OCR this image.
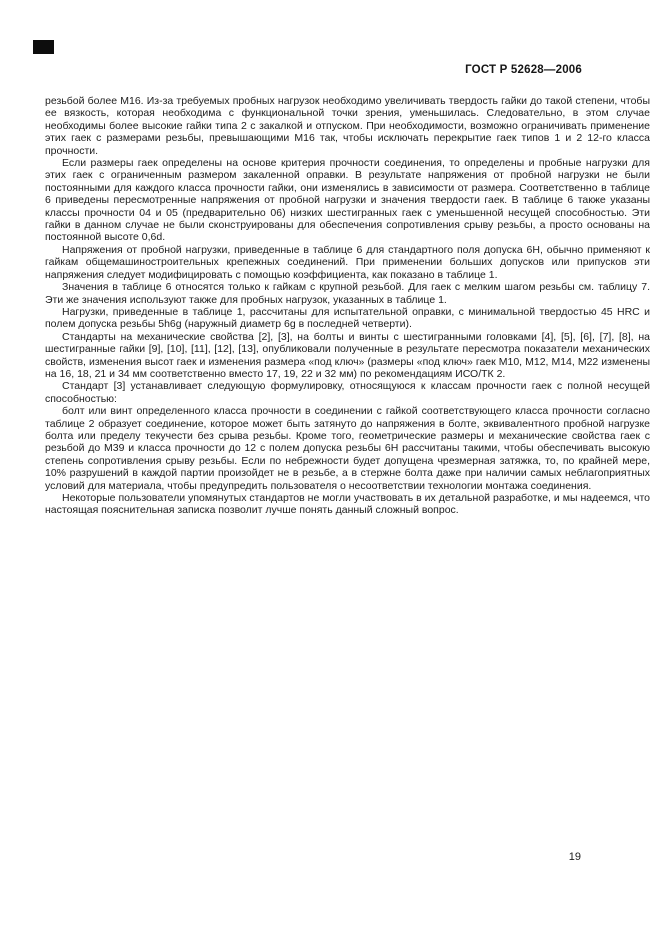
ГОСТ Р 52628—2006

резьбой более М16. Из-за требуемых пробных нагрузок необходимо увеличивать твердость гайки до такой степени, чтобы ее вязкость, которая необходима с функциональной точки зрения, уменьшилась. Следовательно, в этом случае необходимы более высокие гайки типа 2 с закалкой и отпуском. При необходимости, возможно ограничивать применение этих гаек с размерами резьбы, превышающими М16 так, чтобы исключать перекрытие гаек типов 1 и 2 12-го класса прочности.

Если размеры гаек определены на основе критерия прочности соединения, то определены и пробные нагрузки для этих гаек с ограниченным размером закаленной оправки. В результате напряжения от пробной нагрузки не были постоянными для каждого класса прочности гайки, они изменялись в зависимости от размера. Соответственно в таблице 6 приведены пересмотренные напряжения от пробной нагрузки и значения твердости гаек. В таблице 6 также указаны классы прочности 04 и 05 (предварительно 06) низких шестигранных гаек с уменьшенной несущей способностью. Эти гайки в данном случае не были сконструированы для обеспечения сопротивления срыву резьбы, а просто основаны на постоянной высоте 0,6d.

Напряжения от пробной нагрузки, приведенные в таблице 6 для стандартного поля допуска 6Н, обычно применяют к гайкам общемашиностроительных крепежных соединений. При применении больших допусков или припусков эти напряжения следует модифицировать с помощью коэффициента, как показано в таблице 1.

Значения в таблице 6 относятся только к гайкам с крупной резьбой. Для гаек с мелким шагом резьбы см. таблицу 7. Эти же значения используют также для пробных нагрузок, указанных в таблице 1.

Нагрузки, приведенные в таблице 1, рассчитаны для испытательной оправки, с минимальной твердостью 45 HRC и полем допуска резьбы 5h6g (наружный диаметр 6g в последней четверти).

Стандарты на механические свойства [2], [3], на болты и винты с шестигранными головками [4], [5], [6], [7], [8], на шестигранные гайки [9], [10], [11], [12], [13], опубликовали полученные в результате пересмотра показатели механических свойств, изменения высот гаек и изменения размера «под ключ» (размеры «под ключ» гаек М10, М12, М14, М22 изменены на 16, 18, 21 и 34 мм соответственно вместо 17, 19, 22 и 32 мм) по рекомендациям ИСО/ТК 2.

Стандарт [3] устанавливает следующую формулировку, относящуюся к классам прочности гаек с полной несущей способностью:

болт или винт определенного класса прочности в соединении с гайкой соответствующего класса прочности согласно таблице 2 образует соединение, которое может быть затянуто до напряжения в болте, эквивалентного пробной нагрузке болта или пределу текучести без срыва резьбы. Кроме того, геометрические размеры и механические свойства гаек с резьбой до М39 и класса прочности до 12 с полем допуска резьбы 6Н рассчитаны такими, чтобы обеспечивать высокую степень сопротивления срыву резьбы. Если по небрежности будет допущена чрезмерная затяжка, то, по крайней мере, 10% разрушений в каждой партии произойдет не в резьбе, а в стержне болта даже при наличии самых неблагоприятных условий для материала, чтобы предупредить пользователя о несоответствии технологии монтажа соединения.

Некоторые пользователи упомянутых стандартов не могли участвовать в их детальной разработке, и мы надеемся, что настоящая пояснительная записка позволит лучше понять данный сложный вопрос.

19
